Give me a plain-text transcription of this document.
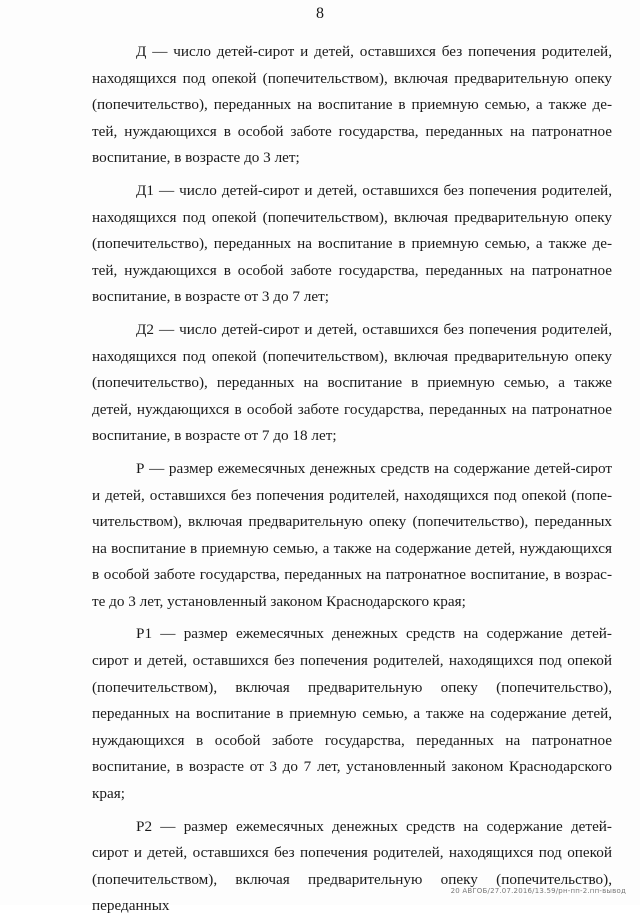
8

Д — число детей-сирот и детей, оставшихся без попечения родителей, находящихся под опекой (попечительством), включая предварительную опеку (попечительство), переданных на воспитание в приемную семью, а также детей, нуждающихся в особой заботе государства, переданных на патронатное воспитание, в возрасте до 3 лет;

Д1 — число детей-сирот и детей, оставшихся без попечения родителей, находящихся под опекой (попечительством), включая предварительную опеку (попечительство), переданных на воспитание в приемную семью, а также детей, нуждающихся в особой заботе государства, переданных на патронатное воспитание, в возрасте от 3 до 7 лет;

Д2 — число детей-сирот и детей, оставшихся без попечения родителей, находящихся под опекой (попечительством), включая предварительную опеку (попечительство), переданных на воспитание в приемную семью, а также детей, нуждающихся в особой заботе государства, переданных на патронатное воспитание, в возрасте от 7 до 18 лет;

Р — размер ежемесячных денежных средств на содержание детей-сирот и детей, оставшихся без попечения родителей, находящихся под опекой (попечительством), включая предварительную опеку (попечительство), переданных на воспитание в приемную семью, а также на содержание детей, нуждающихся в особой заботе государства, переданных на патронатное воспитание, в возрасте до 3 лет, установленный законом Краснодарского края;

Р1 — размер ежемесячных денежных средств на содержание детей-сирот и детей, оставшихся без попечения родителей, находящихся под опекой (попечительством), включая предварительную опеку (попечительство), переданных на воспитание в приемную семью, а также на содержание детей, нуждающихся в особой заботе государства, переданных на патронатное воспитание, в возрасте от 3 до 7 лет, установленный законом Краснодарского края;

Р2 — размер ежемесячных денежных средств на содержание детей-сирот и детей, оставшихся без попечения родителей, находящихся под опекой (попечительством), включая предварительную опеку (попечительство), переданных

20 АВГОБ/27.07.2016/13.59/рн-пп-2.пп-вывод
